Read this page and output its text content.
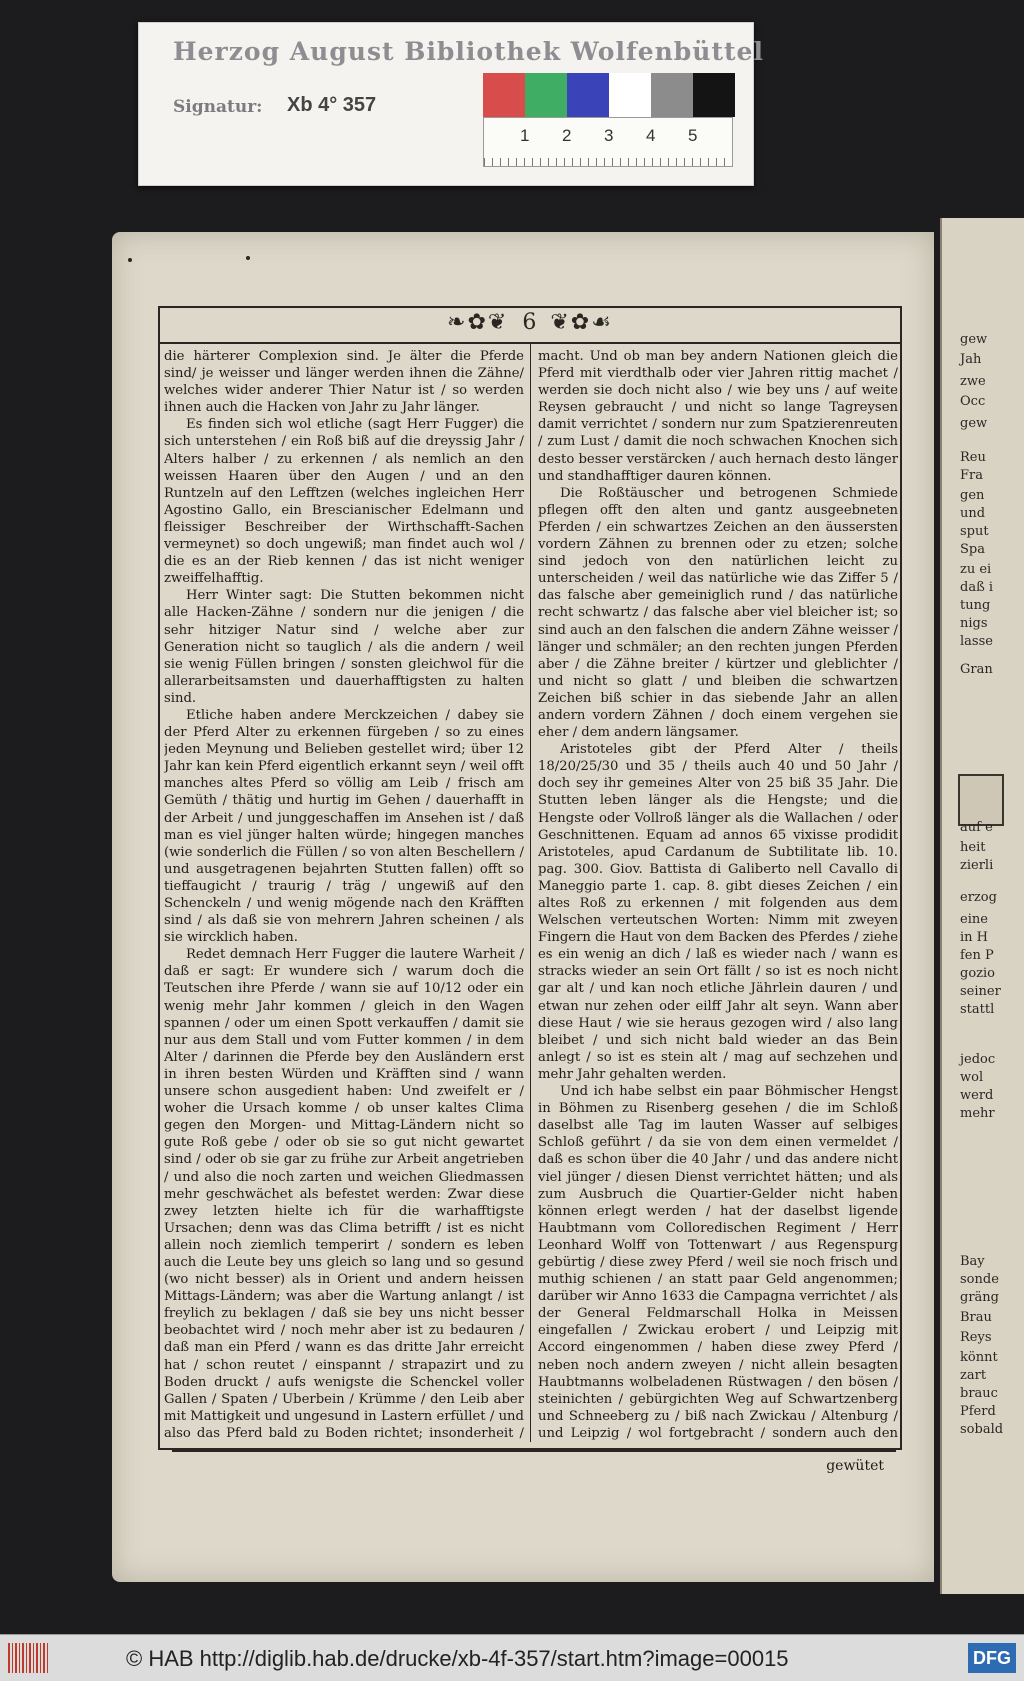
Herzog August Bibliothek Wolfenbüttel
Signatur: Xb 4° 357
1 2 3 4 5
❧✿❦ 6 ❦✿☙

die härterer Complexion sind. Je älter die Pferde sind/ je weisser und länger werden ihnen die Zähne/ welches wider anderer Thier Natur ist / so werden ihnen auch die Hacken von Jahr zu Jahr länger.

Es finden sich wol etliche (sagt Herr Fugger) die sich unterstehen / ein Roß biß auf die dreyssig Jahr / Alters halber / zu erkennen / als nemlich an den weissen Haaren über den Augen / und an den Runtzeln auf den Lefftzen (welches ingleichen Herr Agostino Gallo, ein Brescianischer Edelmann und fleissiger Beschreiber der Wirthschafft-Sachen vermeynet) so doch ungewiß; man findet auch wol / die es an der Rieb kennen / das ist nicht weniger zweiffelhafftig.

Herr Winter sagt: Die Stutten bekommen nicht alle Hacken-Zähne / sondern nur die jenigen / die sehr hitziger Natur sind / welche aber zur Generation nicht so tauglich / als die andern / weil sie wenig Füllen bringen / sonsten gleichwol für die allerarbeitsamsten und dauerhafftigsten zu halten sind.

Etliche haben andere Merckzeichen / dabey sie der Pferd Alter zu erkennen fürgeben / so zu eines jeden Meynung und Belieben gestellet wird; über 12 Jahr kan kein Pferd eigentlich erkannt seyn / weil offt manches altes Pferd so völlig am Leib / frisch am Gemüth / thätig und hurtig im Gehen / dauerhafft in der Arbeit / und junggeschaffen im Ansehen ist / daß man es viel jünger halten würde; hingegen manches (wie sonderlich die Füllen / so von alten Beschellern / und ausgetragenen bejahrten Stutten fallen) offt so tieffaugicht / traurig / träg / ungewiß auf den Schenckeln / und wenig mögende nach den Kräfften sind / als daß sie von mehrern Jahren scheinen / als sie wircklich haben.

Redet demnach Herr Fugger die lautere Warheit / daß er sagt: Er wundere sich / warum doch die Teutschen ihre Pferde / wann sie auf 10/12 oder ein wenig mehr Jahr kommen / gleich in den Wagen spannen / oder um einen Spott verkauffen / damit sie nur aus dem Stall und vom Futter kommen / in dem Alter / darinnen die Pferde bey den Ausländern erst in ihren besten Würden und Kräfften sind / wann unsere schon ausgedient haben: Und zweifelt er / woher die Ursach komme / ob unser kaltes Clima gegen den Morgen- und Mittag-Ländern nicht so gute Roß gebe / oder ob sie so gut nicht gewartet sind / oder ob sie gar zu frühe zur Arbeit angetrieben / und also die noch zarten und weichen Gliedmassen mehr geschwächet als befestet werden: Zwar diese zwey letzten hielte ich für die warhafftigste Ursachen; denn was das Clima betrifft / ist es nicht allein noch ziemlich temperirt / sondern es leben auch die Leute bey uns gleich so lang und so gesund (wo nicht besser) als in Orient und andern heissen Mittags-Ländern; was aber die Wartung anlangt / ist freylich zu beklagen / daß sie bey uns nicht besser beobachtet wird / noch mehr aber ist zu bedauren / daß man ein Pferd / wann es das dritte Jahr erreicht hat / schon reutet / einspannt / strapazirt und zu Boden druckt / aufs wenigste die Schenckel voller Gallen / Spaten / Uberbein / Krümme / den Leib aber mit Mattigkeit und ungesund in Lastern erfüllet / und also das Pferd bald zu Boden richtet; insonderheit /

macht. Und ob man bey andern Nationen gleich die Pferd mit vierdthalb oder vier Jahren rittig machet / werden sie doch nicht also / wie bey uns / auf weite Reysen gebraucht / und nicht so lange Tagreysen damit verrichtet / sondern nur zum Spatzierenreuten / zum Lust / damit die noch schwachen Knochen sich desto besser verstärcken / auch hernach desto länger und standhafftiger dauren können.

Die Roßtäuscher und betrogenen Schmiede pflegen offt den alten und gantz ausgeebneten Pferden / ein schwartzes Zeichen an den äussersten vordern Zähnen zu brennen oder zu etzen; solche sind jedoch von den natürlichen leicht zu unterscheiden / weil das natürliche wie das Ziffer 5 / das falsche aber gemeiniglich rund / das natürliche recht schwartz / das falsche aber viel bleicher ist; so sind auch an den falschen die andern Zähne weisser / länger und schmäler; an den rechten jungen Pferden aber / die Zähne breiter / kürtzer und gleblichter / und nicht so glatt / und bleiben die schwartzen Zeichen biß schier in das siebende Jahr an allen andern vordern Zähnen / doch einem vergehen sie eher / dem andern längsamer.

Aristoteles gibt der Pferd Alter / theils 18/20/25/30 und 35 / theils auch 40 und 50 Jahr / doch sey ihr gemeines Alter von 25 biß 35 Jahr. Die Stutten leben länger als die Hengste; und die Hengste oder Vollroß länger als die Wallachen / oder Geschnittenen. Equam ad annos 65 vixisse prodidit Aristoteles, apud Cardanum de Subtilitate lib. 10. pag. 300. Giov. Battista di Galiberto nell Cavallo di Maneggio parte 1. cap. 8. gibt dieses Zeichen / ein altes Roß zu erkennen / mit folgenden aus dem Welschen verteutschen Worten: Nimm mit zweyen Fingern die Haut von dem Backen des Pferdes / ziehe es ein wenig an dich / laß es wieder nach / wann es stracks wieder an sein Ort fällt / so ist es noch nicht gar alt / und kan noch etliche Jährlein dauren / und etwan nur zehen oder eilff Jahr alt seyn. Wann aber diese Haut / wie sie heraus gezogen wird / also lang bleibet / und sich nicht bald wieder an das Bein anlegt / so ist es stein alt / mag auf sechzehen und mehr Jahr gehalten werden.

Und ich habe selbst ein paar Böhmischer Hengst in Böhmen zu Risenberg gesehen / die im Schloß daselbst alle Tag im lauten Wasser auf selbiges Schloß geführt / da sie von dem einen vermeldet / daß es schon über die 40 Jahr / und das andere nicht viel jünger / diesen Dienst verrichtet hätten; und als zum Ausbruch die Quartier-Gelder nicht haben können erlegt werden / hat der daselbst ligende Haubtmann vom Colloredischen Regiment / Herr Leonhard Wolff von Tottenwart / aus Regenspurg gebürtig / diese zwey Pferd / weil sie noch frisch und muthig schienen / an statt paar Geld angenommen; darüber wir Anno 1633 die Campagna verrichtet / als der General Feldmarschall Holka in Meissen eingefallen / Zwickau erobert / und Leipzig mit Accord eingenommen / haben diese zwey Pferd / neben noch andern zweyen / nicht allein besagten Haubtmanns wolbeladenen Rüstwagen / den bösen / steinichten / gebürgichten Weg auf Schwartzenberg und Schneeberg zu / biß nach Zwickau / Altenburg / und Leipzig / wol fortgebracht / sondern auch den

gewütet
gew
Jah
zwe
Occ
gew
Reu
Fra
gen
und
sput
Spa
zu ei
daß i
tung
nigs
lasse
Gran
auf e
heit
zierli
erzog
eine
in H
fen P
gozio
seiner
stattl
jedoc
wol
werd
mehr
Bay
sonde
gräng
Brau
Reys
könnt
zart
brauc
Pferd
sobald
© HAB http://diglib.hab.de/drucke/xb-4f-357/start.htm?image=00015	DFG
